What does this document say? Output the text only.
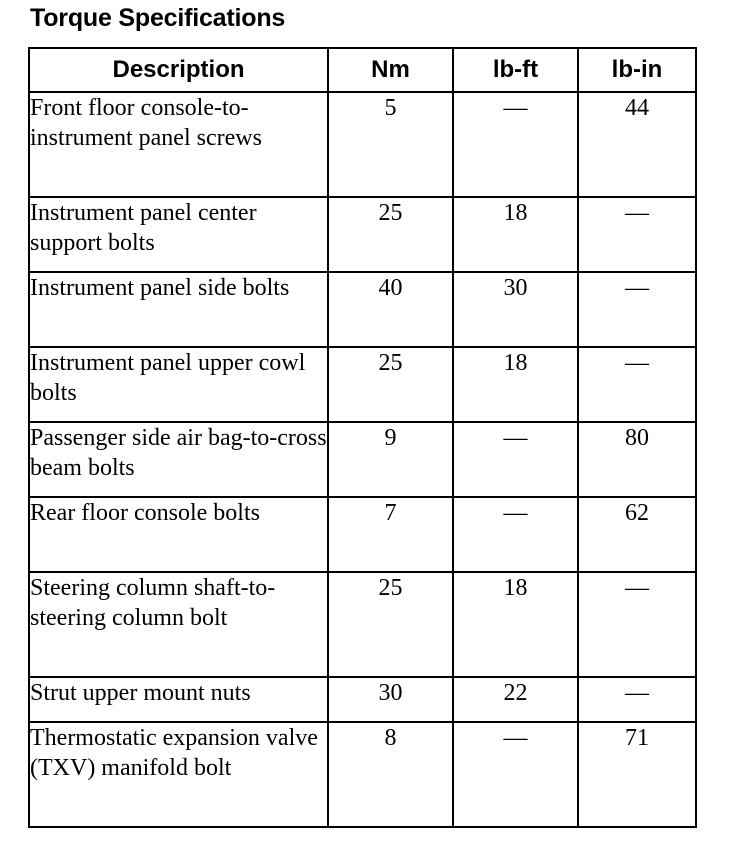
Torque Specifications
Description	Nm	lb-ft	lb-in
Front floor console-to-instrument panel screws	5	—	44
Instrument panel center support bolts	25	18	—
Instrument panel side bolts	40	30	—
Instrument panel upper cowl bolts	25	18	—
Passenger side air bag-to-cross beam bolts	9	—	80
Rear floor console bolts	7	—	62
Steering column shaft-to-steering column bolt	25	18	—
Strut upper mount nuts	30	22	—
Thermostatic expansion valve (TXV) manifold bolt	8	—	71
